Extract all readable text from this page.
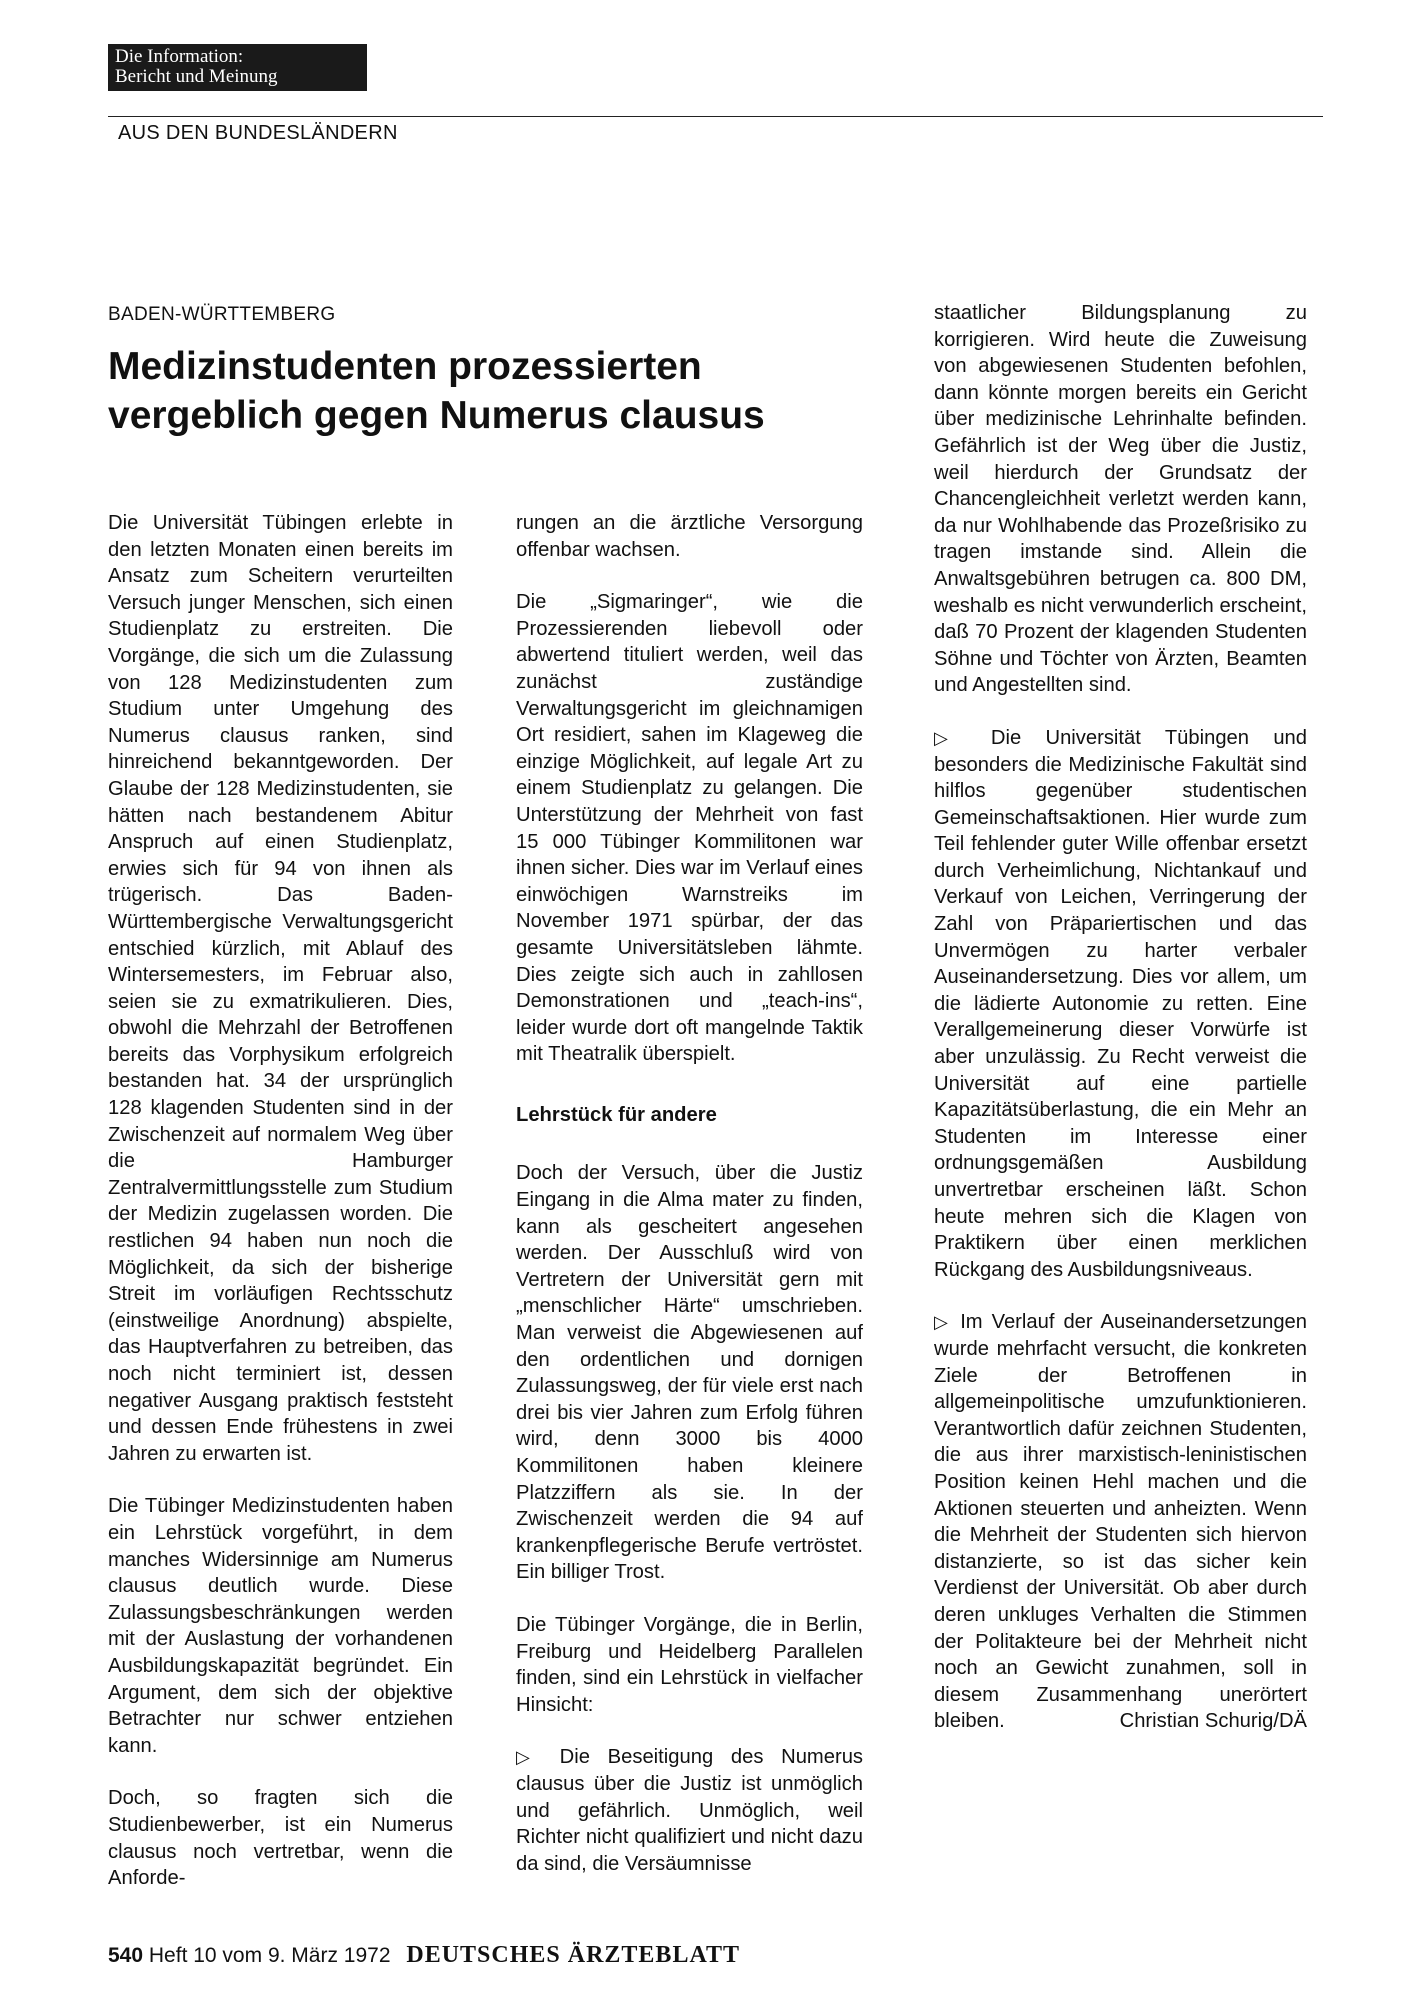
Die Information:
Bericht und Meinung
AUS DEN BUNDESLÄNDERN
BADEN-WÜRTTEMBERG
Medizinstudenten prozessierten
vergeblich gegen Numerus clausus

Die Universität Tübingen erlebte in den letzten Monaten einen bereits im Ansatz zum Scheitern verurteilten Versuch junger Menschen, sich einen Studienplatz zu erstreiten. Die Vorgänge, die sich um die Zulassung von 128 Medizinstudenten zum Studium unter Umgehung des Numerus clausus ranken, sind hinreichend bekanntgeworden. Der Glaube der 128 Medizinstudenten, sie hätten nach bestandenem Abitur Anspruch auf einen Studienplatz, erwies sich für 94 von ihnen als trügerisch. Das Baden-Württembergische Verwaltungsgericht entschied kürzlich, mit Ablauf des Wintersemesters, im Februar also, seien sie zu exmatrikulieren. Dies, obwohl die Mehrzahl der Betroffenen bereits das Vorphysikum erfolgreich bestanden hat. 34 der ursprünglich 128 klagenden Studenten sind in der Zwischenzeit auf normalem Weg über die Hamburger Zentralvermittlungsstelle zum Studium der Medizin zugelassen worden. Die restlichen 94 haben nun noch die Möglichkeit, da sich der bisherige Streit im vorläufigen Rechtsschutz (einstweilige Anordnung) abspielte, das Hauptverfahren zu betreiben, das noch nicht terminiert ist, dessen negativer Ausgang praktisch feststeht und dessen Ende frühestens in zwei Jahren zu erwarten ist.

Die Tübinger Medizinstudenten haben ein Lehrstück vorgeführt, in dem manches Widersinnige am Numerus clausus deutlich wurde. Diese Zulassungsbeschränkungen werden mit der Auslastung der vorhandenen Ausbildungskapazität begründet. Ein Argument, dem sich der objektive Betrachter nur schwer entziehen kann.

Doch, so fragten sich die Studienbewerber, ist ein Numerus clausus noch vertretbar, wenn die Anforde-

rungen an die ärztliche Versorgung offenbar wachsen.

Die „Sigmaringer“, wie die Prozessierenden liebevoll oder abwertend tituliert werden, weil das zunächst zuständige Verwaltungsgericht im gleichnamigen Ort residiert, sahen im Klageweg die einzige Möglichkeit, auf legale Art zu einem Studienplatz zu gelangen. Die Unterstützung der Mehrheit von fast 15 000 Tübinger Kommilitonen war ihnen sicher. Dies war im Verlauf eines einwöchigen Warnstreiks im November 1971 spürbar, der das gesamte Universitätsleben lähmte. Dies zeigte sich auch in zahllosen Demonstrationen und „teach-ins“, leider wurde dort oft mangelnde Taktik mit Theatralik überspielt.

Lehrstück für andere

Doch der Versuch, über die Justiz Eingang in die Alma mater zu finden, kann als gescheitert angesehen werden. Der Ausschluß wird von Vertretern der Universität gern mit „menschlicher Härte“ umschrieben. Man verweist die Abgewiesenen auf den ordentlichen und dornigen Zulassungsweg, der für viele erst nach drei bis vier Jahren zum Erfolg führen wird, denn 3000 bis 4000 Kommilitonen haben kleinere Platzziffern als sie. In der Zwischenzeit werden die 94 auf krankenpflegerische Berufe vertröstet. Ein billiger Trost.

Die Tübinger Vorgänge, die in Berlin, Freiburg und Heidelberg Parallelen finden, sind ein Lehrstück in vielfacher Hinsicht:

▷ Die Beseitigung des Numerus clausus über die Justiz ist unmöglich und gefährlich. Unmöglich, weil Richter nicht qualifiziert und nicht dazu da sind, die Versäumnisse

staatlicher Bildungsplanung zu korrigieren. Wird heute die Zuweisung von abgewiesenen Studenten befohlen, dann könnte morgen bereits ein Gericht über medizinische Lehrinhalte befinden. Gefährlich ist der Weg über die Justiz, weil hierdurch der Grundsatz der Chancengleichheit verletzt werden kann, da nur Wohlhabende das Prozeßrisiko zu tragen imstande sind. Allein die Anwaltsgebühren betrugen ca. 800 DM, weshalb es nicht verwunderlich erscheint, daß 70 Prozent der klagenden Studenten Söhne und Töchter von Ärzten, Beamten und Angestellten sind.

▷ Die Universität Tübingen und besonders die Medizinische Fakultät sind hilflos gegenüber studentischen Gemeinschaftsaktionen. Hier wurde zum Teil fehlender guter Wille offenbar ersetzt durch Verheimlichung, Nichtankauf und Verkauf von Leichen, Verringerung der Zahl von Präpariertischen und das Unvermögen zu harter verbaler Auseinandersetzung. Dies vor allem, um die lädierte Autonomie zu retten. Eine Verallgemeinerung dieser Vorwürfe ist aber unzulässig. Zu Recht verweist die Universität auf eine partielle Kapazitätsüberlastung, die ein Mehr an Studenten im Interesse einer ordnungsgemäßen Ausbildung unvertretbar erscheinen läßt. Schon heute mehren sich die Klagen von Praktikern über einen merklichen Rückgang des Ausbildungsniveaus.

▷ Im Verlauf der Auseinandersetzungen wurde mehrfacht versucht, die konkreten Ziele der Betroffenen in allgemeinpolitische umzufunktionieren. Verantwortlich dafür zeichnen Studenten, die aus ihrer marxistisch-leninistischen Position keinen Hehl machen und die Aktionen steuerten und anheizten. Wenn die Mehrheit der Studenten sich hiervon distanzierte, so ist das sicher kein Verdienst der Universität. Ob aber durch deren unkluges Verhalten die Stimmen der Politakteure bei der Mehrheit nicht noch an Gewicht zunahmen, soll in diesem Zusammenhang unerörtert bleiben.	Christian Schurig/DÄ

540 Heft 10 vom 9. März 1972 DEUTSCHES ÄRZTEBLATT
